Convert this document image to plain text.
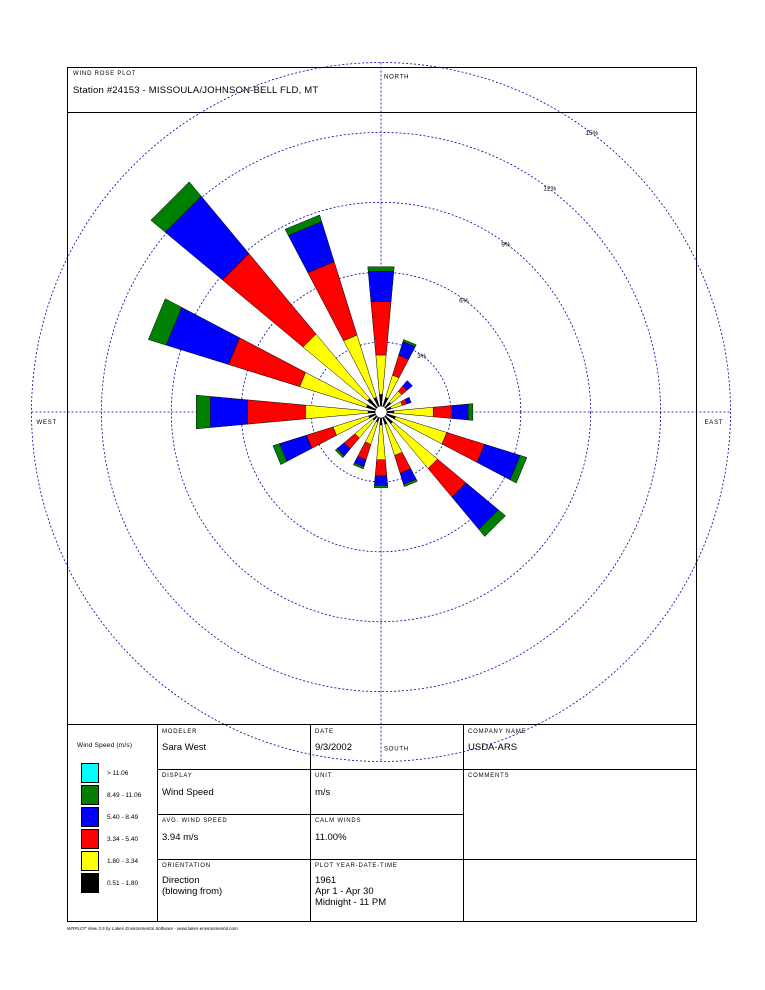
WIND ROSE PLOT
Station #24153 - MISSOULA/JOHNSON-BELL FLD, MT
3%
6%
9%
12%
15%
NORTH
SOUTH
WEST	EAST
Wind Speed (m/s)
> 11.06
8.49 - 11.06
5.40 - 8.49
3.34 - 5.40
1.80 - 3.34
0.51 - 1.80
MODELER
Sara West
DATE
9/3/2002
COMPANY NAME
USDA-ARS
DISPLAY
Wind Speed
UNIT
m/s
COMMENTS
AVG. WIND SPEED
3.94 m/s
CALM WINDS
11.00%
ORIENTATION
Direction
(blowing from)
PLOT YEAR-DATE-TIME
1961
Apr 1 - Apr 30
Midnight - 11 PM
WRPLOT View 3.5 by Lakes Environmental Software - www.lakes-environmental.com
